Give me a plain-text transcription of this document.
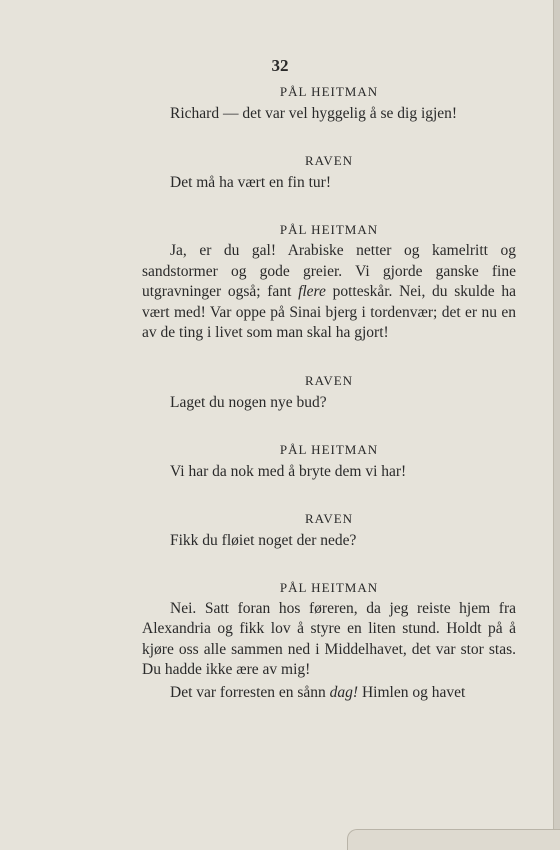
32
PÅL HEITMAN

Richard — det var vel hyggelig å se dig igjen!

RAVEN

Det må ha vært en fin tur!

PÅL HEITMAN

Ja, er du gal! Arabiske netter og kamelritt og sandstormer og gode greier. Vi gjorde ganske fine utgravninger også; fant flere potteskår. Nei, du skulde ha vært med! Var oppe på Sinai bjerg i tordenvær; det er nu en av de ting i livet som man skal ha gjort!

RAVEN

Laget du nogen nye bud?

PÅL HEITMAN

Vi har da nok med å bryte dem vi har!

RAVEN

Fikk du fløiet noget der nede?

PÅL HEITMAN

Nei. Satt foran hos føreren, da jeg reiste hjem fra Alexandria og fikk lov å styre en liten stund. Holdt på å kjøre oss alle sammen ned i Middelhavet, det var stor stas. Du hadde ikke ære av mig!

Det var forresten en sånn dag! Himlen og havet
